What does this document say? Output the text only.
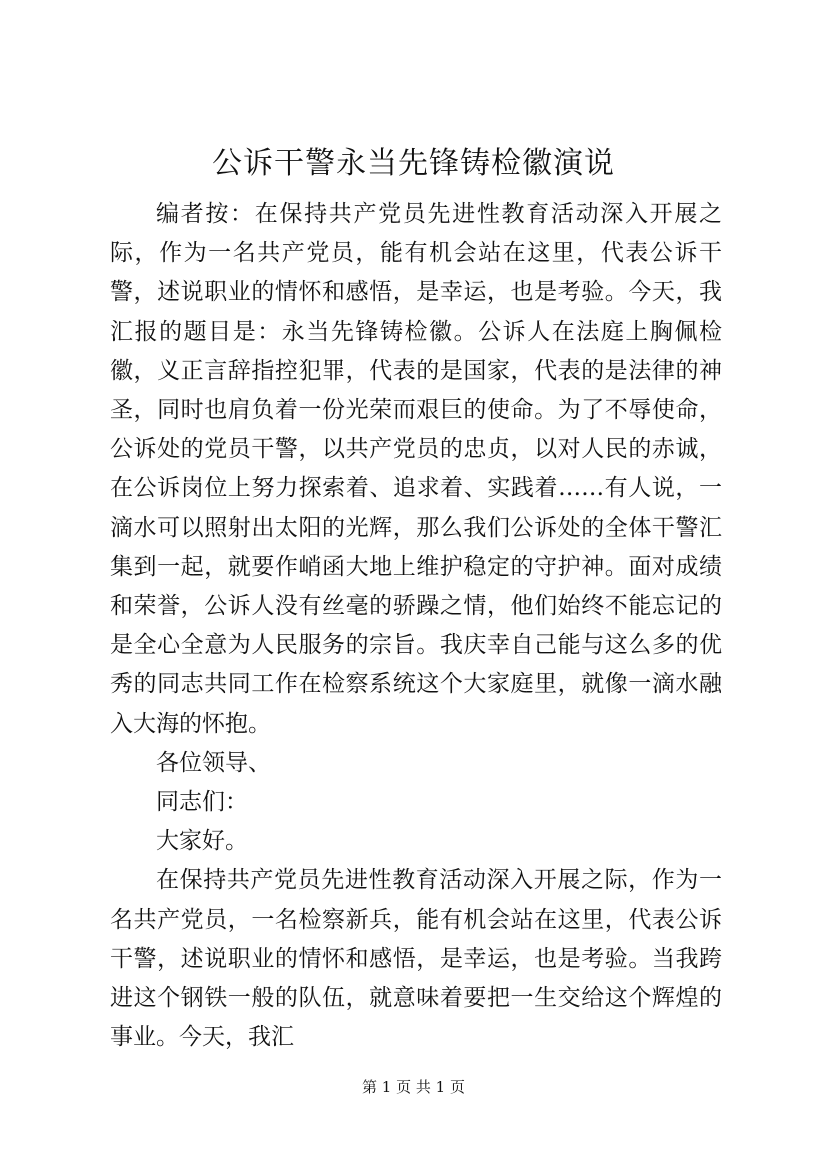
公诉干警永当先锋铸检徽演说

编者按：在保持共产党员先进性教育活动深入开展之际，作为一名共产党员，能有机会站在这里，代表公诉干警，述说职业的情怀和感悟，是幸运，也是考验。今天，我汇报的题目是：永当先锋铸检徽。公诉人在法庭上胸佩检徽，义正言辞指控犯罪，代表的是国家，代表的是法律的神圣，同时也肩负着一份光荣而艰巨的使命。为了不辱使命，公诉处的党员干警，以共产党员的忠贞，以对人民的赤诚，在公诉岗位上努力探索着、追求着、实践着……有人说，一滴水可以照射出太阳的光辉，那么我们公诉处的全体干警汇集到一起，就要作峭函大地上维护稳定的守护神。面对成绩和荣誉，公诉人没有丝毫的骄躁之情，他们始终不能忘记的是全心全意为人民服务的宗旨。我庆幸自己能与这么多的优秀的同志共同工作在检察系统这个大家庭里，就像一滴水融入大海的怀抱。

各位领导、

同志们：

大家好。

在保持共产党员先进性教育活动深入开展之际，作为一名共产党员，一名检察新兵，能有机会站在这里，代表公诉干警，述说职业的情怀和感悟，是幸运，也是考验。当我跨进这个钢铁一般的队伍，就意味着要把一生交给这个辉煌的事业。今天，我汇

第 1 页 共 1 页
